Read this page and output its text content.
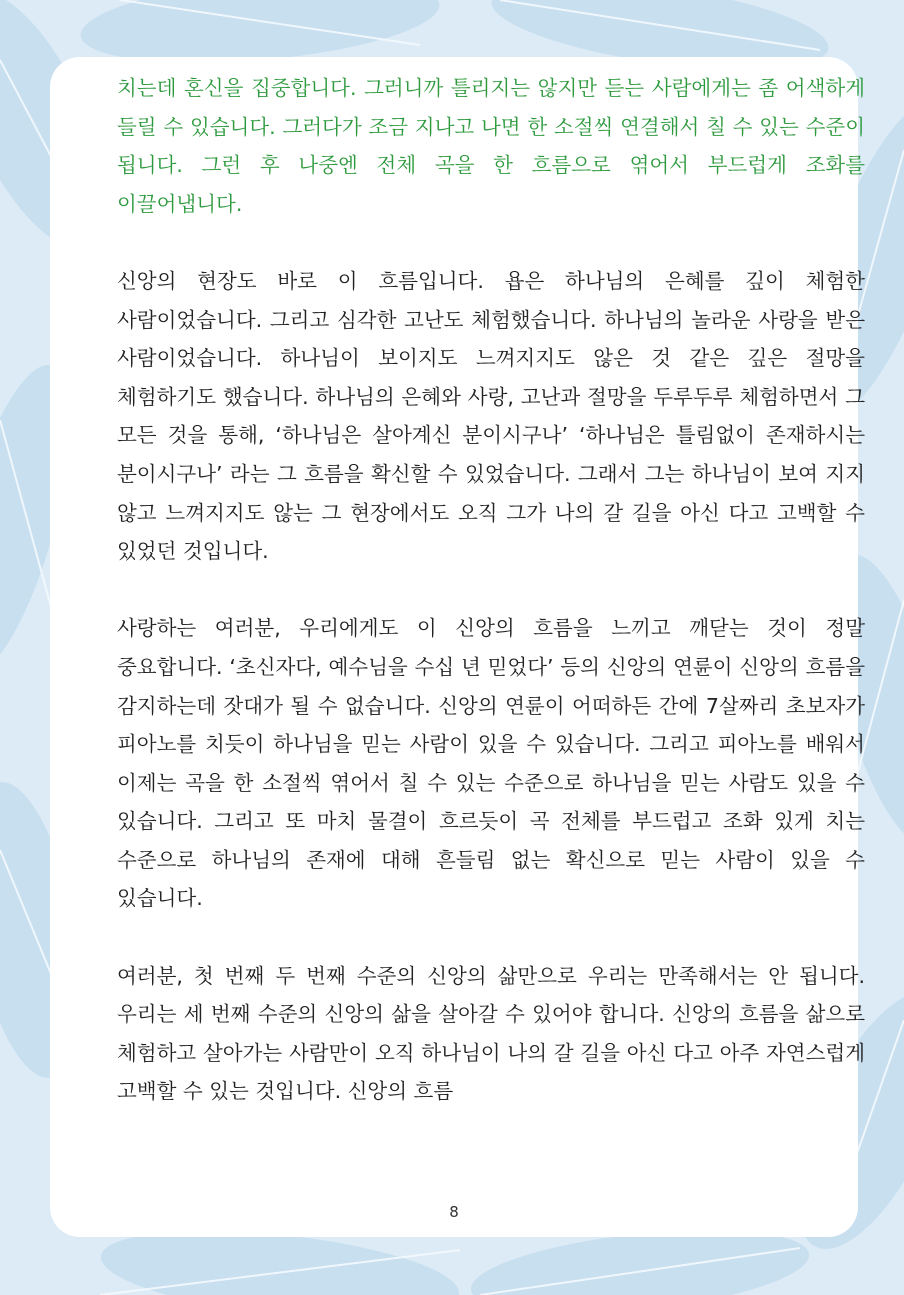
치는데 혼신을 집중합니다. 그러니까 틀리지는 않지만 듣는 사람에게는 좀 어색하게 들릴 수 있습니다. 그러다가 조금 지나고 나면 한 소절씩 연결해서 칠 수 있는 수준이 됩니다. 그런 후 나중엔 전체 곡을 한 흐름으로 엮어서 부드럽게 조화를 이끌어냅니다.

신앙의 현장도 바로 이 흐름입니다. 욥은 하나님의 은혜를 깊이 체험한 사람이었습니다. 그리고 심각한 고난도 체험했습니다. 하나님의 놀라운 사랑을 받은 사람이었습니다. 하나님이 보이지도 느껴지지도 않은 것 같은 깊은 절망을 체험하기도 했습니다. 하나님의 은혜와 사랑, 고난과 절망을 두루두루 체험하면서 그 모든 것을 통해, ‘하나님은 살아계신 분이시구나’ ‘하나님은 틀림없이 존재하시는 분이시구나’ 라는 그 흐름을 확신할 수 있었습니다. 그래서 그는 하나님이 보여 지지 않고 느껴지지도 않는 그 현장에서도 오직 그가 나의 갈 길을 아신 다고 고백할 수 있었던 것입니다.

사랑하는 여러분, 우리에게도 이 신앙의 흐름을 느끼고 깨닫는 것이 정말 중요합니다. ‘초신자다, 예수님을 수십 년 믿었다’ 등의 신앙의 연륜이 신앙의 흐름을 감지하는데 잣대가 될 수 없습니다. 신앙의 연륜이 어떠하든 간에 7살짜리 초보자가 피아노를 치듯이 하나님을 믿는 사람이 있을 수 있습니다. 그리고 피아노를 배워서 이제는 곡을 한 소절씩 엮어서 칠 수 있는 수준으로 하나님을 믿는 사람도 있을 수 있습니다. 그리고 또 마치 물결이 흐르듯이 곡 전체를 부드럽고 조화 있게 치는 수준으로 하나님의 존재에 대해 흔들림 없는 확신으로 믿는 사람이 있을 수 있습니다.

여러분, 첫 번째 두 번째 수준의 신앙의 삶만으로 우리는 만족해서는 안 됩니다. 우리는 세 번째 수준의 신앙의 삶을 살아갈 수 있어야 합니다. 신앙의 흐름을 삶으로 체험하고 살아가는 사람만이 오직 하나님이 나의 갈 길을 아신 다고 아주 자연스럽게 고백할 수 있는 것입니다. 신앙의 흐름

8
